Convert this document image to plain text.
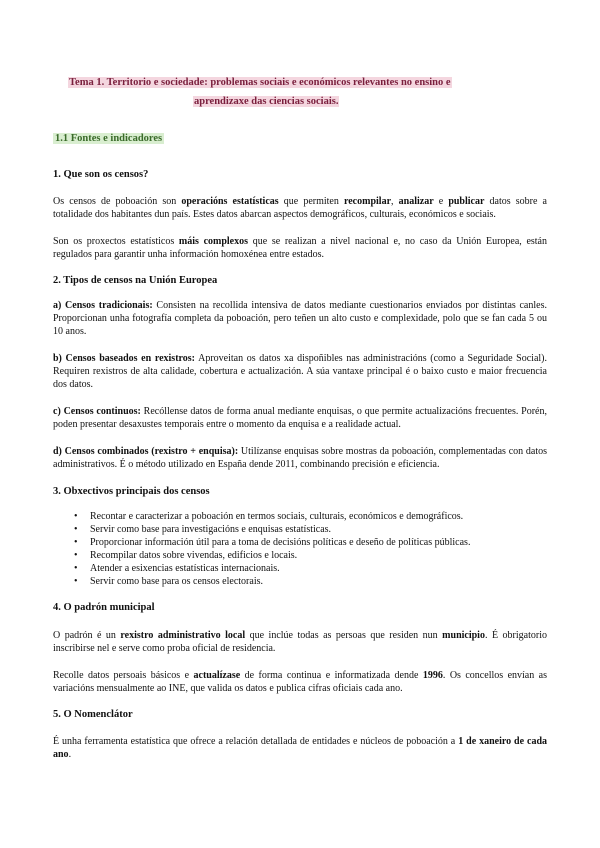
Tema 1. Territorio e sociedade: problemas sociais e económicos relevantes no ensino e
aprendizaxe das ciencias sociais.
1.1 Fontes e indicadores
1. Que son os censos?
Os censos de poboación son operacións estatísticas que permiten recompilar, analizar e publicar datos sobre a totalidade dos habitantes dun país. Estes datos abarcan aspectos demográficos, culturais, económicos e sociais.
Son os proxectos estatísticos máis complexos que se realizan a nivel nacional e, no caso da Unión Europea, están regulados para garantir unha información homoxénea entre estados.
2. Tipos de censos na Unión Europea
a) Censos tradicionais: Consisten na recollida intensiva de datos mediante cuestionarios enviados por distintas canles. Proporcionan unha fotografía completa da poboación, pero teñen un alto custo e complexidade, polo que se fan cada 5 ou 10 anos.
b) Censos baseados en rexistros: Aproveitan os datos xa dispoñibles nas administracións (como a Seguridade Social). Requiren rexistros de alta calidade, cobertura e actualización. A súa vantaxe principal é o baixo custo e maior frecuencia dos datos.
c) Censos continuos: Recóllense datos de forma anual mediante enquisas, o que permite actualizacións frecuentes. Porén, poden presentar desaxustes temporais entre o momento da enquisa e a realidade actual.
d) Censos combinados (rexistro + enquisa): Utilízanse enquisas sobre mostras da poboación, complementadas con datos administrativos. É o método utilizado en España dende 2011, combinando precisión e eficiencia.
3. Obxectivos principais dos censos
• Recontar e caracterizar a poboación en termos sociais, culturais, económicos e demográficos.
• Servir como base para investigacións e enquisas estatísticas.
• Proporcionar información útil para a toma de decisións políticas e deseño de políticas públicas.
• Recompilar datos sobre vivendas, edificios e locais.
• Atender a esixencias estatísticas internacionais.
• Servir como base para os censos electorais.
4. O padrón municipal
O padrón é un rexistro administrativo local que inclúe todas as persoas que residen nun municipio. É obrigatorio inscribirse nel e serve como proba oficial de residencia.
Recolle datos persoais básicos e actualízase de forma continua e informatizada dende 1996. Os concellos envían as variacións mensualmente ao INE, que valida os datos e publica cifras oficiais cada ano.
5. O Nomenclátor
É unha ferramenta estatística que ofrece a relación detallada de entidades e núcleos de poboación a 1 de xaneiro de cada ano.
